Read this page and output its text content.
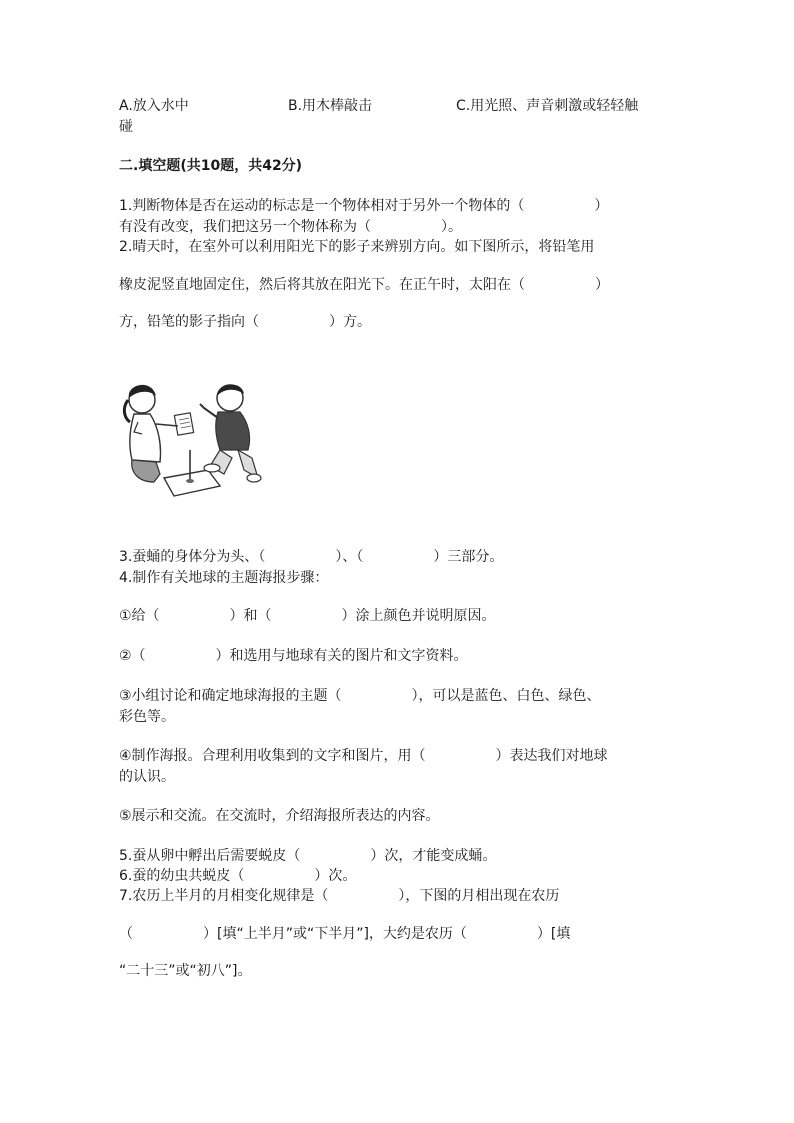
A.放入水中	B.用木棒敲击	C.用光照、声音刺激或轻轻触
碰
二.填空题(共10题，共42分)
1.判断物体是否在运动的标志是一个物体相对于另外一个物体的（　　　　　）
有没有改变，我们把这另一个物体称为（　　　　　）。
2.晴天时，在室外可以利用阳光下的影子来辨别方向。如下图所示，将铅笔用
橡皮泥竖直地固定住，然后将其放在阳光下。在正午时，太阳在（　　　　　）
方，铅笔的影子指向（　　　　　）方。
3.蚕蛹的身体分为头、（　　　　　）、（　　　　　）三部分。
4.制作有关地球的主题海报步骤：
①给（　　　　　）和（　　　　　）涂上颜色并说明原因。
②（　　　　　）和选用与地球有关的图片和文字资料。
③小组讨论和确定地球海报的主题（　　　　　），可以是蓝色、白色、绿色、
彩色等。
④制作海报。合理利用收集到的文字和图片，用（　　　　　）表达我们对地球
的认识。
⑤展示和交流。在交流时，介绍海报所表达的内容。
5.蚕从卵中孵出后需要蜕皮（　　　　　）次，才能变成蛹。
6.蚕的幼虫共蜕皮（　　　　　）次。
7.农历上半月的月相变化规律是（　　　　　），下图的月相出现在农历
（　　　　　）[填“上半月”或“下半月”]，大约是农历（　　　　　）[填
“二十三”或“初八”]。
